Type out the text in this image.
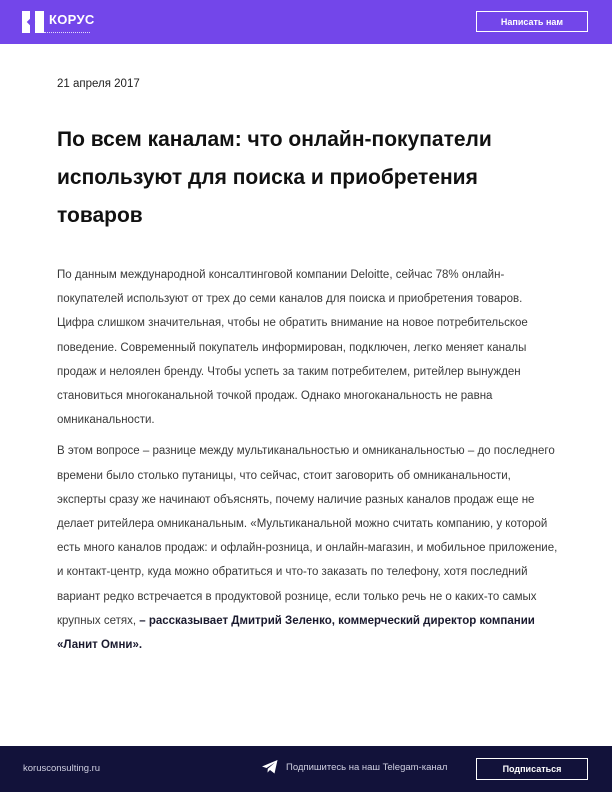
КОРУС	Написать нам
21 апреля 2017
По всем каналам: что онлайн-покупатели используют для поиска и приобретения товаров

По данным международной консалтинговой компании Deloitte, сейчас 78% онлайн-покупателей используют от трех до семи каналов для поиска и приобретения товаров. Цифра слишком значительная, чтобы не обратить внимание на новое потребительское поведение. Современный покупатель информирован, подключен, легко меняет каналы продаж и нелоялен бренду. Чтобы успеть за таким потребителем, ритейлер вынужден становиться многоканальной точкой продаж. Однако многоканальность не равна омниканальности.

В этом вопросе – разнице между мультиканальностью и омниканальностью – до последнего времени было столько путаницы, что сейчас, стоит заговорить об омниканальности, эксперты сразу же начинают объяснять, почему наличие разных каналов продаж еще не делает ритейлера омниканальным. «Мультиканальной можно считать компанию, у которой есть много каналов продаж: и офлайн-розница, и онлайн-магазин, и мобильное приложение, и контакт-центр, куда можно обратиться и что-то заказать по телефону, хотя последний вариант редко встречается в продуктовой рознице, если только речь не о каких-то самых крупных сетях, – рассказывает Дмитрий Зеленко, коммерческий директор компании «Ланит Омни».

korusconsulting.ru	Подпишитесь на наш Telegam-канал	Подписаться
